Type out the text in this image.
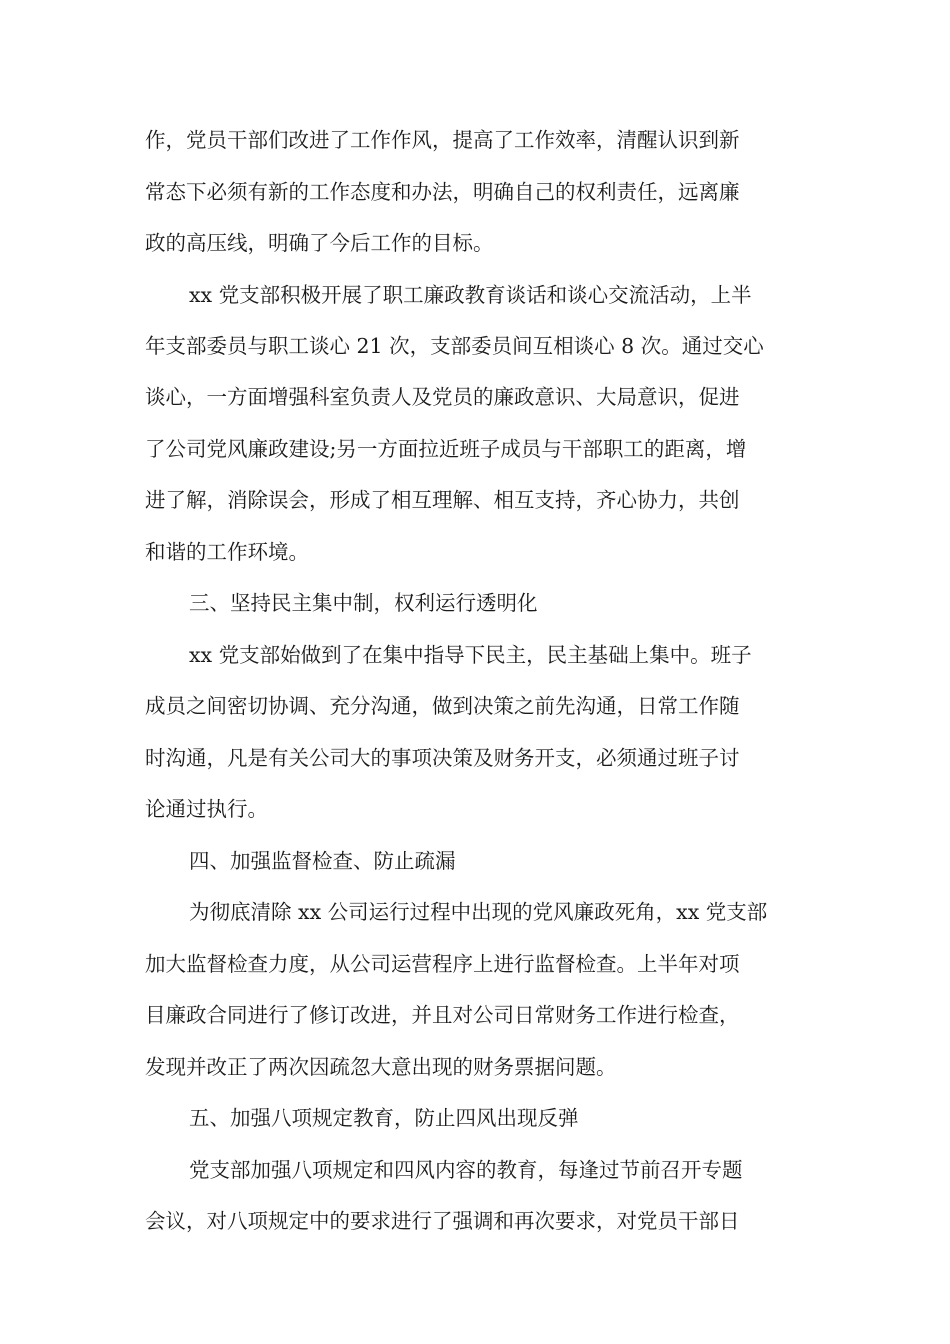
作，党员干部们改进了工作作风，提高了工作效率，清醒认识到新
常态下必须有新的工作态度和办法，明确自己的权利责任，远离廉
政的高压线，明确了今后工作的目标。
xx 党支部积极开展了职工廉政教育谈话和谈心交流活动，上半
年支部委员与职工谈心 21 次，支部委员间互相谈心 8 次。通过交心
谈心，一方面增强科室负责人及党员的廉政意识、大局意识，促进
了公司党风廉政建设;另一方面拉近班子成员与干部职工的距离，增
进了解，消除误会，形成了相互理解、相互支持，齐心协力，共创
和谐的工作环境。
三、坚持民主集中制，权利运行透明化
xx 党支部始做到了在集中指导下民主，民主基础上集中。班子
成员之间密切协调、充分沟通，做到决策之前先沟通，日常工作随
时沟通，凡是有关公司大的事项决策及财务开支，必须通过班子讨
论通过执行。
四、加强监督检查、防止疏漏
为彻底清除 xx 公司运行过程中出现的党风廉政死角，xx 党支部
加大监督检查力度，从公司运营程序上进行监督检查。上半年对项
目廉政合同进行了修订改进，并且对公司日常财务工作进行检查，
发现并改正了两次因疏忽大意出现的财务票据问题。
五、加强八项规定教育，防止四风出现反弹
党支部加强八项规定和四风内容的教育，每逢过节前召开专题
会议，对八项规定中的要求进行了强调和再次要求，对党员干部日
